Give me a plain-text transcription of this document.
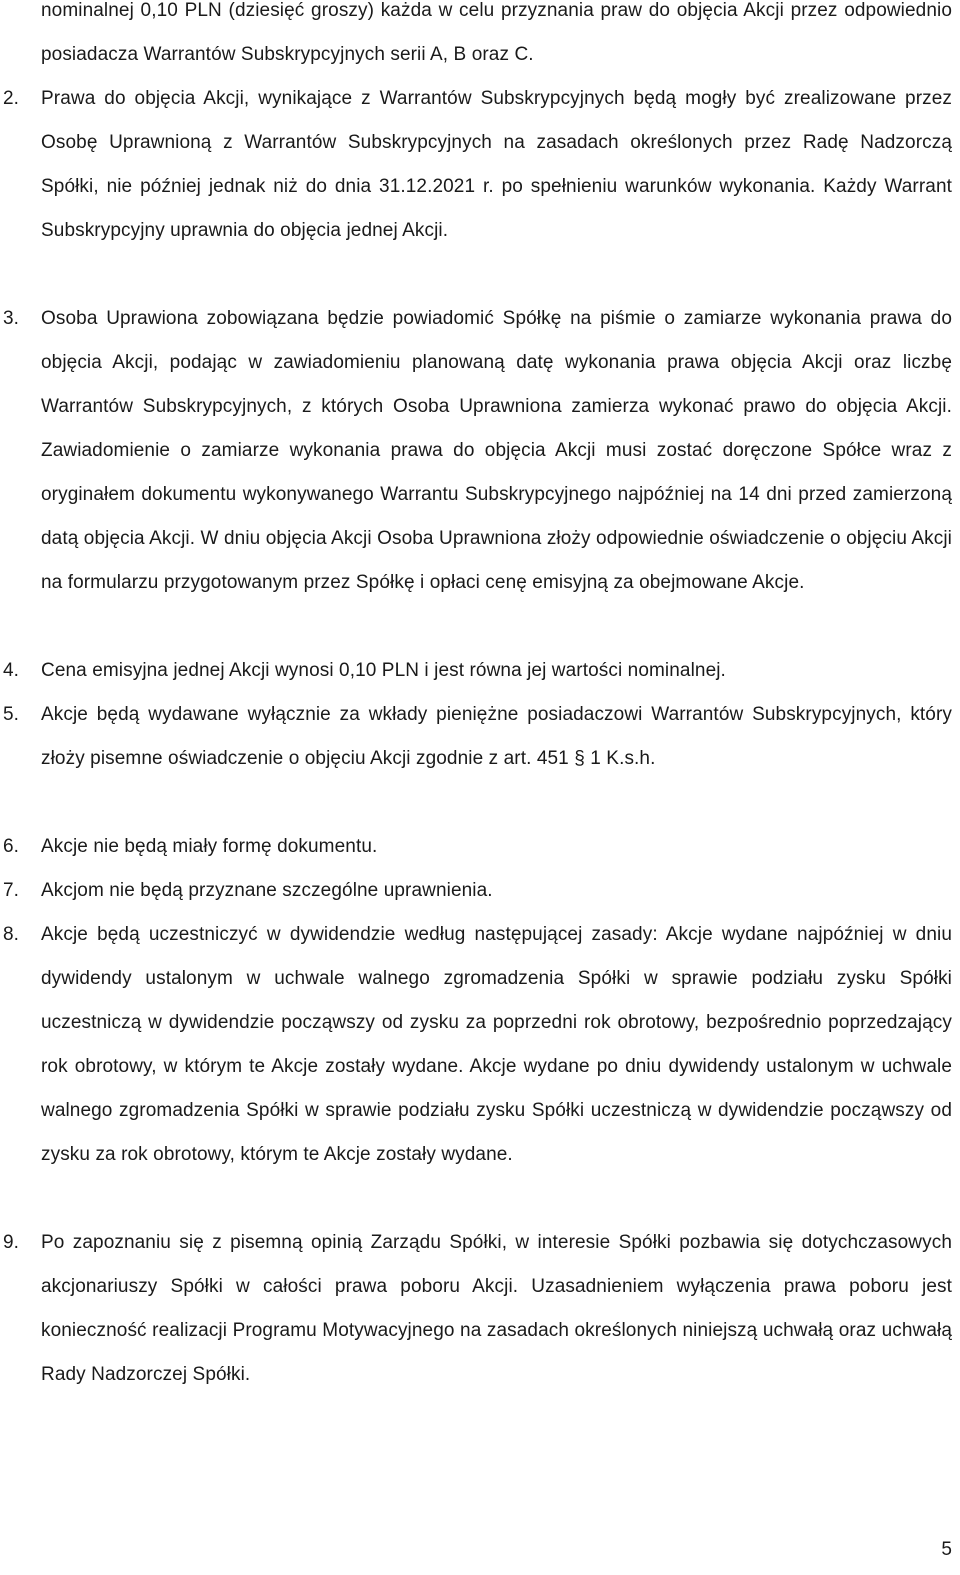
nominalnej 0,10 PLN (dziesięć groszy) każda w celu przyznania praw do objęcia Akcji przez odpowiednio posiadacza Warrantów Subskrypcyjnych serii A, B oraz C.

2. Prawa do objęcia Akcji, wynikające z Warrantów Subskrypcyjnych będą mogły być zrealizowane przez Osobę Uprawnioną z Warrantów Subskrypcyjnych na zasadach określonych przez Radę Nadzorczą Spółki, nie później jednak niż do dnia 31.12.2021 r. po spełnieniu warunków wykonania. Każdy Warrant Subskrypcyjny uprawnia do objęcia jednej Akcji.

3. Osoba Uprawiona zobowiązana będzie powiadomić Spółkę na piśmie o zamiarze wykonania prawa do objęcia Akcji, podając w zawiadomieniu planowaną datę wykonania prawa objęcia Akcji oraz liczbę Warrantów Subskrypcyjnych, z których Osoba Uprawniona zamierza wykonać prawo do objęcia Akcji. Zawiadomienie o zamiarze wykonania prawa do objęcia Akcji musi zostać doręczone Spółce wraz z oryginałem dokumentu wykonywanego Warrantu Subskrypcyjnego najpóźniej na 14 dni przed zamierzoną datą objęcia Akcji. W dniu objęcia Akcji Osoba Uprawniona złoży odpowiednie oświadczenie o objęciu Akcji na formularzu przygotowanym przez Spółkę i opłaci cenę emisyjną za obejmowane Akcje.

4. Cena emisyjna jednej Akcji wynosi 0,10 PLN i jest równa jej wartości nominalnej.

5. Akcje będą wydawane wyłącznie za wkłady pieniężne posiadaczowi Warrantów Subskrypcyjnych, który złoży pisemne oświadczenie o objęciu Akcji zgodnie z art. 451 § 1 K.s.h.

6. Akcje nie będą miały formę dokumentu.

7. Akcjom nie będą przyznane szczególne uprawnienia.

8. Akcje będą uczestniczyć w dywidendzie według następującej zasady: Akcje wydane najpóźniej w dniu dywidendy ustalonym w uchwale walnego zgromadzenia Spółki w sprawie podziału zysku Spółki uczestniczą w dywidendzie począwszy od zysku za poprzedni rok obrotowy, bezpośrednio poprzedzający rok obrotowy, w którym te Akcje zostały wydane. Akcje wydane po dniu dywidendy ustalonym w uchwale walnego zgromadzenia Spółki w sprawie podziału zysku Spółki uczestniczą w dywidendzie począwszy od zysku za rok obrotowy, którym te Akcje zostały wydane.

9. Po zapoznaniu się z pisemną opinią Zarządu Spółki, w interesie Spółki pozbawia się dotychczasowych akcjonariuszy Spółki w całości prawa poboru Akcji. Uzasadnieniem wyłączenia prawa poboru jest konieczność realizacji Programu Motywacyjnego na zasadach określonych niniejszą uchwałą oraz uchwałą Rady Nadzorczej Spółki.

5
